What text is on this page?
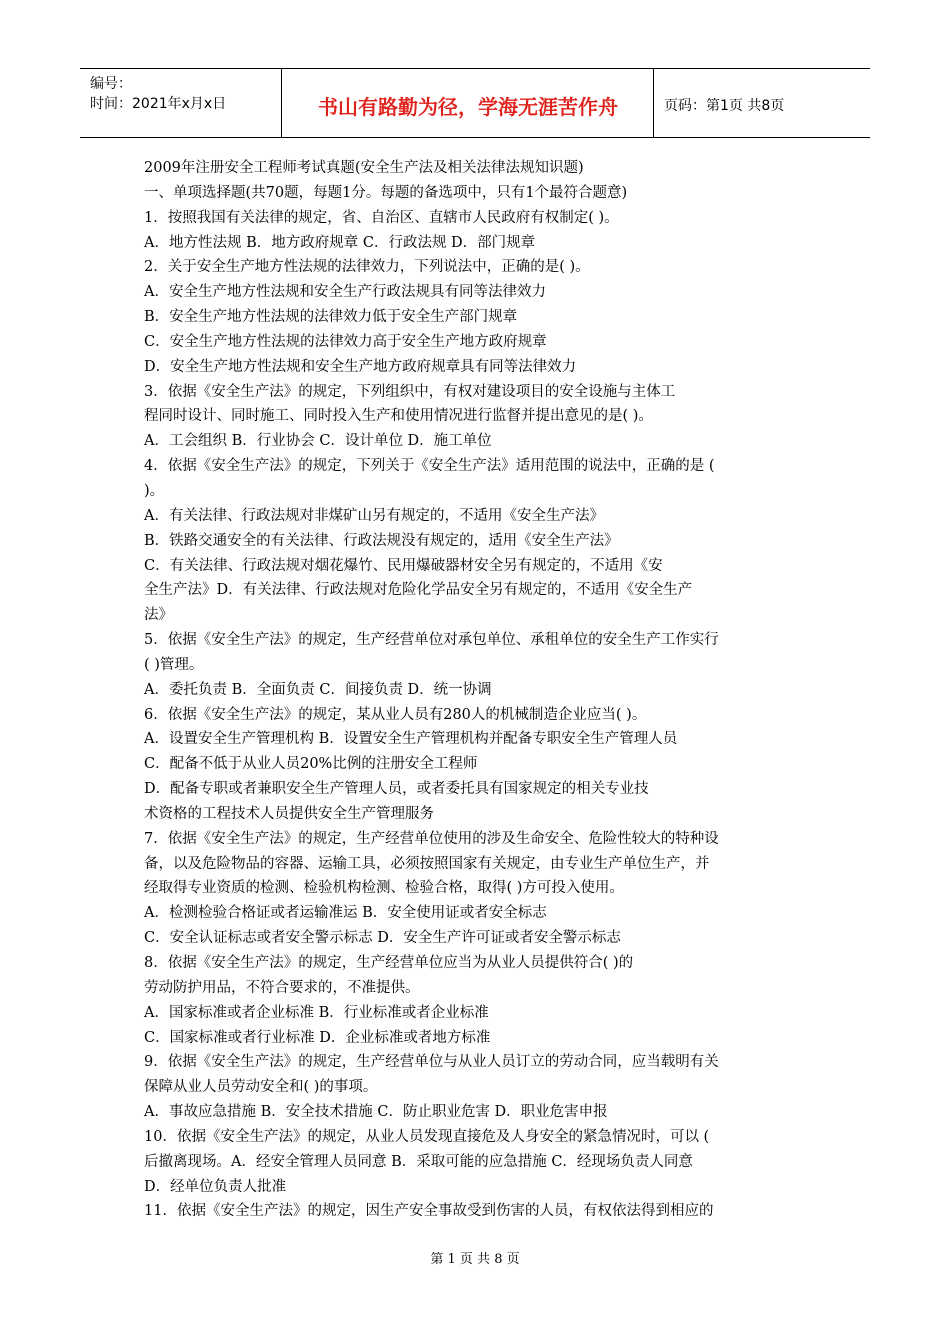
编号：
时间：2021年x月x日	书山有路勤为径，学海无涯苦作舟	页码：第1页 共8页
2009年注册安全工程师考试真题(安全生产法及相关法律法规知识题)
一、单项选择题(共70题，每题1分。每题的备选项中，只有1个最符合题意)
1．按照我国有关法律的规定，省、自治区、直辖市人民政府有权制定( )。
A．地方性法规 B．地方政府规章 C．行政法规 D．部门规章
2．关于安全生产地方性法规的法律效力，下列说法中，正确的是( )。
A．安全生产地方性法规和安全生产行政法规具有同等法律效力
B．安全生产地方性法规的法律效力低于安全生产部门规章
C．安全生产地方性法规的法律效力高于安全生产地方政府规章
D．安全生产地方性法规和安全生产地方政府规章具有同等法律效力
3．依据《安全生产法》的规定，下列组织中，有权对建设项目的安全设施与主体工
程同时设计、同时施工、同时投入生产和使用情况进行监督并提出意见的是( )。
A．工会组织 B．行业协会 C．设计单位 D．施工单位
4．依据《安全生产法》的规定，下列关于《安全生产法》适用范围的说法中，正确的是 (
)。
A．有关法律、行政法规对非煤矿山另有规定的，不适用《安全生产法》
B．铁路交通安全的有关法律、行政法规没有规定的，适用《安全生产法》
C．有关法律、行政法规对烟花爆竹、民用爆破器材安全另有规定的，不适用《安
全生产法》D．有关法律、行政法规对危险化学品安全另有规定的，不适用《安全生产
法》
5．依据《安全生产法》的规定，生产经营单位对承包单位、承租单位的安全生产工作实行
( )管理。
A．委托负责 B．全面负责 C．间接负责 D．统一协调
6．依据《安全生产法》的规定，某从业人员有280人的机械制造企业应当( )。
A．设置安全生产管理机构 B．设置安全生产管理机构并配备专职安全生产管理人员
C．配备不低于从业人员20%比例的注册安全工程师
D．配备专职或者兼职安全生产管理人员，或者委托具有国家规定的相关专业技
术资格的工程技术人员提供安全生产管理服务
7．依据《安全生产法》的规定，生产经营单位使用的涉及生命安全、危险性较大的特种设
备，以及危险物品的容器、运输工具，必须按照国家有关规定，由专业生产单位生产，并
经取得专业资质的检测、检验机构检测、检验合格，取得( )方可投入使用。
A．检测检验合格证或者运输准运 B．安全使用证或者安全标志
C．安全认证标志或者安全警示标志 D．安全生产许可证或者安全警示标志
8．依据《安全生产法》的规定，生产经营单位应当为从业人员提供符合( )的
劳动防护用品，不符合要求的，不准提供。
A．国家标准或者企业标准 B．行业标准或者企业标准
C．国家标准或者行业标准 D．企业标准或者地方标准
9．依据《安全生产法》的规定，生产经营单位与从业人员订立的劳动合同，应当载明有关
保障从业人员劳动安全和( )的事项。
A．事故应急措施 B．安全技术措施 C．防止职业危害 D．职业危害申报
10．依据《安全生产法》的规定，从业人员发现直接危及人身安全的紧急情况时，可以 (
后撤离现场。A．经安全管理人员同意 B．采取可能的应急措施 C．经现场负责人同意
D．经单位负责人批准
11．依据《安全生产法》的规定，因生产安全事故受到伤害的人员，有权依法得到相应的
第 1 页 共 8 页
